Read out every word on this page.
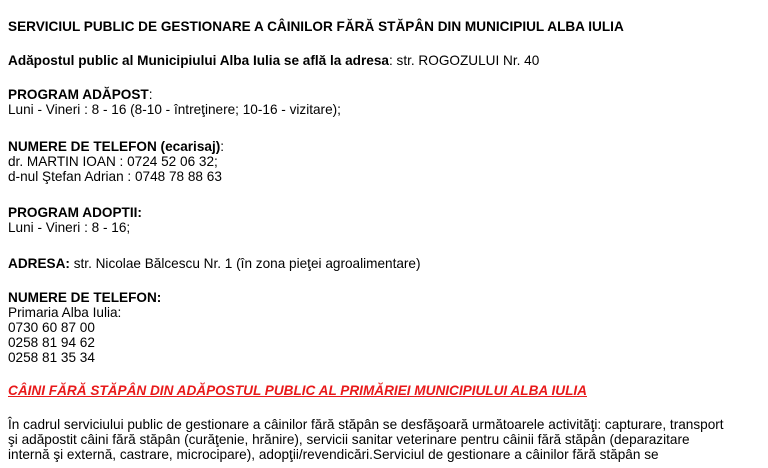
SERVICIUL PUBLIC DE GESTIONARE A CÂINILOR FĂRĂ STĂPÂN DIN MUNICIPIUL ALBA IULIA
Adăpostul public al Municipiului Alba Iulia se află la adresa: str. ROGOZULUI Nr. 40
PROGRAM ADĂPOST:
Luni - Vineri : 8 - 16 (8-10 - întreţinere; 10-16 - vizitare);
NUMERE DE TELEFON (ecarisaj):
dr. MARTIN IOAN : 0724 52 06 32;
d-nul Ştefan Adrian : 0748 78 88 63
PROGRAM ADOPTII:
Luni - Vineri : 8 - 16;
ADRESA: str. Nicolae Bălcescu Nr. 1 (în zona pieţei agroalimentare)
NUMERE DE TELEFON:
Primaria Alba Iulia:
0730 60 87 00
0258 81 94 62
0258 81 35 34
CÂINI FĂRĂ STĂPÂN DIN ADĂPOSTUL PUBLIC AL PRIMĂRIEI MUNICIPIULUI ALBA IULIA
În cadrul serviciului public de gestionare a câinilor fără stăpân se desfăşoară următoarele activităţi: capturare, transport
şi adăpostit câini fără stăpân (curăţenie, hrănire), servicii sanitar veterinare pentru câinii fără stăpân (deparazitare
internă şi externă, castrare, microcipare), adopţii/revendicări.Serviciul de gestionare a câinilor fără stăpân se
